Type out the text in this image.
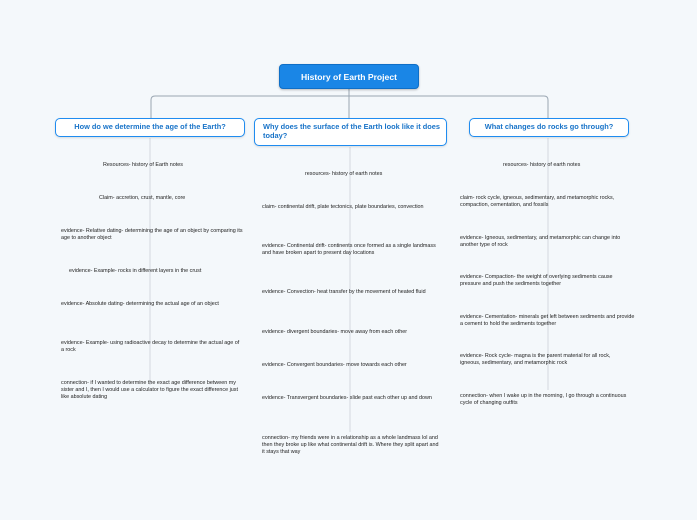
History of Earth Project
How do we determine the age of the Earth?	Why does the surface of the Earth look like it does today?
What changes do rocks go through?
Resources- history of Earth notes
Claim- accretion, crust, mantle, core
evidence- Relative dating- determining the age of an object by comparing its age to another object
evidence- Example- rocks in different layers in the crust
evidence- Absolute dating- determining the actual age of an object
evidence- Example- using radioactive decay to determine the actual age of a rock
connection- if I wanted to determine the exact age difference between my sister and I, then I would use a calculator to figure the exact difference just like absolute dating
resources- history of earth notes
claim- continental drift, plate tectonics, plate boundaries, convection
evidence- Continental drift- continents once formed as a single landmass and have broken apart to present day locations
evidence- Convection- heat transfer by the movement of heated fluid
evidence- divergent boundaries- move away from each other
evidence- Convergent boundaries- move towards each other
evidence- Transvergent boundaries- slide past each other up and down
connection- my friends were in a relationship as a whole landmass lol and then they broke up like what continental drift is. Where they split apart and it stays that way
resources- history of earth notes
claim- rock cycle, igneous, sedimentary, and metamorphic rocks, compaction, cementation, and fossils
evidence- Igneous, sedimentary, and metamorphic can change into another type of rock
evidence- Compaction- the weight of overlying sediments cause pressure and push the sediments together
evidence- Cementation- minerals get left between sediments and provide a cement to hold the sediments together
evidence- Rock cycle- magna is the parent material for all rock, igneous, sedimentary, and metamorphic rock
connection- when I wake up in the morning, I go through a continuous cycle of changing outfits
